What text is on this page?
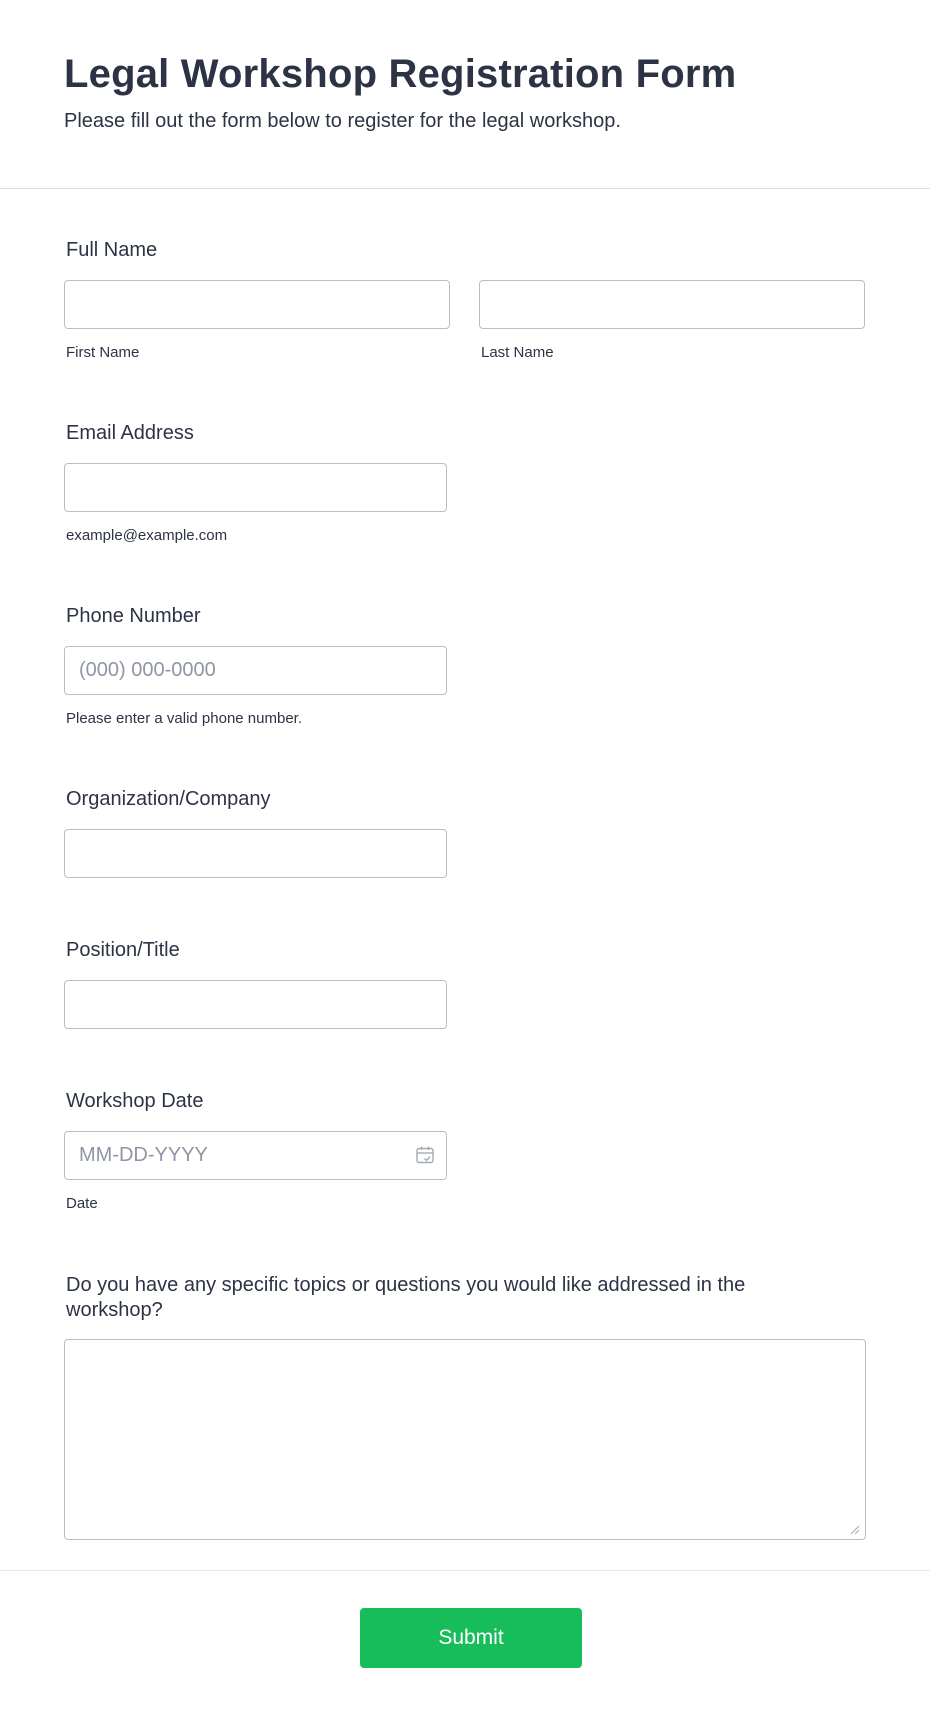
Legal Workshop Registration Form

Please fill out the form below to register for the legal workshop.

Full Name
First Name	Last Name
Email Address
example@example.com
Phone Number
(000) 000-0000
Please enter a valid phone number.
Organization/Company
Position/Title
Workshop Date
MM-DD-YYYY
Date
Do you have any specific topics or questions you would like addressed in the workshop?
Submit
